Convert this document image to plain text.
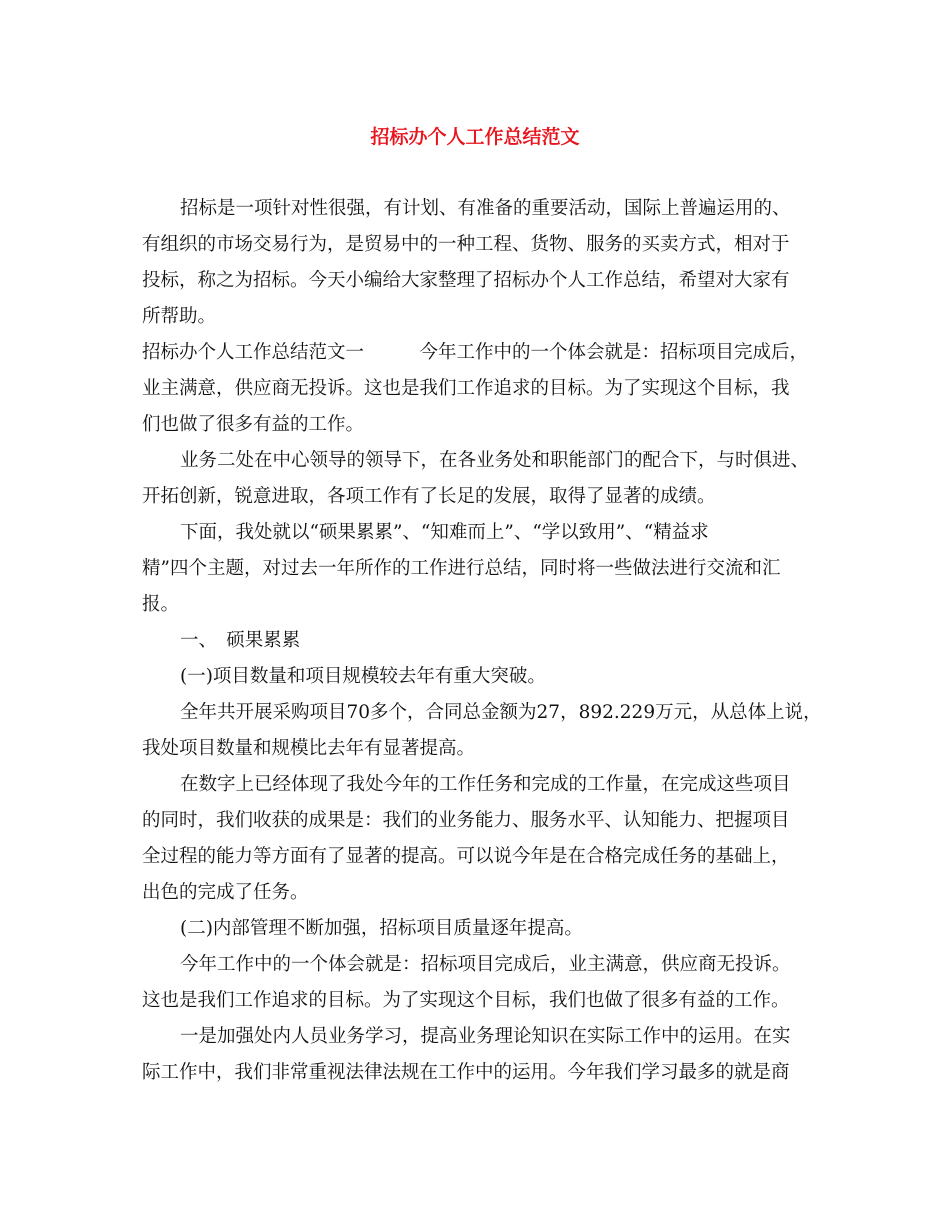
招标办个人工作总结范文
招标是一项针对性很强，有计划、有准备的重要活动，国际上普遍运用的、
有组织的市场交易行为，是贸易中的一种工程、货物、服务的买卖方式，相对于
投标，称之为招标。今天小编给大家整理了招标办个人工作总结，希望对大家有
所帮助。
招标办个人工作总结范文一　　　今年工作中的一个体会就是：招标项目完成后，
业主满意，供应商无投诉。这也是我们工作追求的目标。为了实现这个目标，我
们也做了很多有益的工作。
业务二处在中心领导的领导下，在各业务处和职能部门的配合下，与时俱进、
开拓创新，锐意进取，各项工作有了长足的发展，取得了显著的成绩。
下面，我处就以“硕果累累”、“知难而上”、“学以致用”、“精益求
精”四个主题，对过去一年所作的工作进行总结，同时将一些做法进行交流和汇
报。
一、　硕果累累
(一)项目数量和项目规模较去年有重大突破。
全年共开展采购项目70多个，合同总金额为27，892.229万元，从总体上说，
我处项目数量和规模比去年有显著提高。
在数字上已经体现了我处今年的工作任务和完成的工作量，在完成这些项目
的同时，我们收获的成果是：我们的业务能力、服务水平、认知能力、把握项目
全过程的能力等方面有了显著的提高。可以说今年是在合格完成任务的基础上，
出色的完成了任务。
(二)内部管理不断加强，招标项目质量逐年提高。
今年工作中的一个体会就是：招标项目完成后，业主满意，供应商无投诉。
这也是我们工作追求的目标。为了实现这个目标，我们也做了很多有益的工作。
一是加强处内人员业务学习，提高业务理论知识在实际工作中的运用。在实
际工作中，我们非常重视法律法规在工作中的运用。今年我们学习最多的就是商
